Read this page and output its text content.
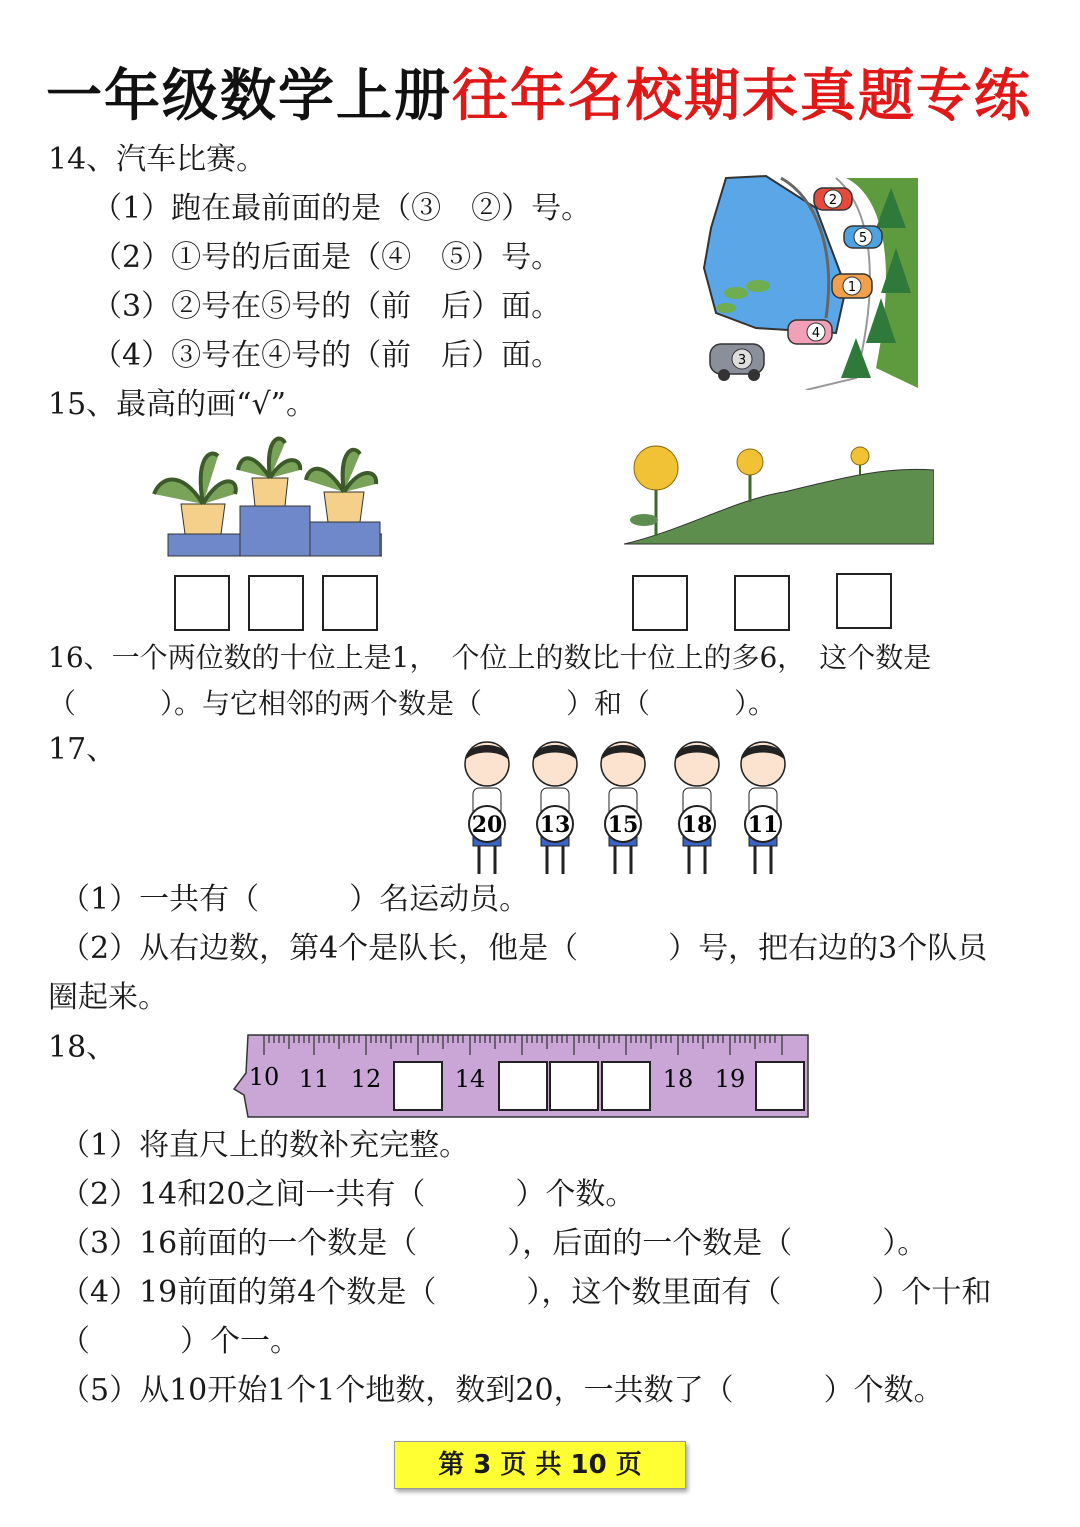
一年级数学上册往年名校期末真题专练
14、汽车比赛。
（1）跑在最前面的是（③　②）号。
（2）①号的后面是（④　⑤）号。
（3）②号在⑤号的（前　后）面。
（4）③号在④号的（前　后）面。
2
5
1
4
3
15、最高的画“√”。
16、一个两位数的十位上是1，　个位上的数比十位上的多6，　这个数是
（　　　）。与它相邻的两个数是（　　　）和（　　　）。
17、
20 13 15 18 11
（1）一共有（　　　）名运动员。
（2）从右边数，第4个是队长，他是（　　　）号，把右边的3个队员
圈起来。
18、
10 11 12	14	18 19
（1）将直尺上的数补充完整。
（2）14和20之间一共有（　　　）个数。
（3）16前面的一个数是（　　　），后面的一个数是（　　　）。
（4）19前面的第4个数是（　　　），这个数里面有（　　　）个十和
（　　　）个一。
（5）从10开始1个1个地数，数到20，一共数了（　　　）个数。
第 3 页 共 10 页
